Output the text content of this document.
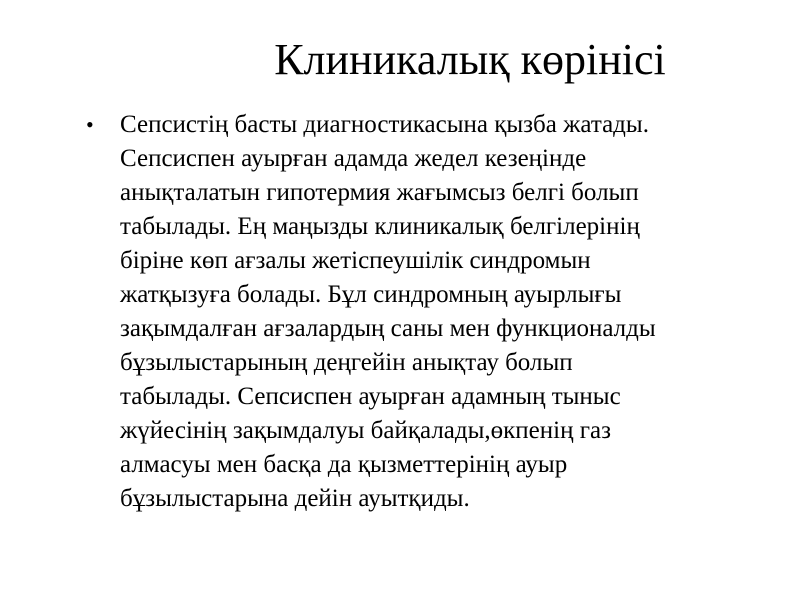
Клиникалық көрінісі
•	Сепсистің басты диагностикасына қызба жатады.
Сепсиспен ауырған адамда жедел кезеңінде
анықталатын гипотермия жағымсыз белгі болып
табылады. Ең маңызды клиникалық белгілерінің
біріне көп ағзалы жетіспеушілік синдромын
жатқызуға болады. Бұл синдромның ауырлығы
зақымдалған ағзалардың саны мен функционалды
бұзылыстарының деңгейін анықтау болып
табылады. Сепсиспен ауырған адамның тыныс
жүйесінің зақымдалуы байқалады,өкпенің газ
алмасуы мен басқа да қызметтерінің ауыр
бұзылыстарына дейін ауытқиды.
